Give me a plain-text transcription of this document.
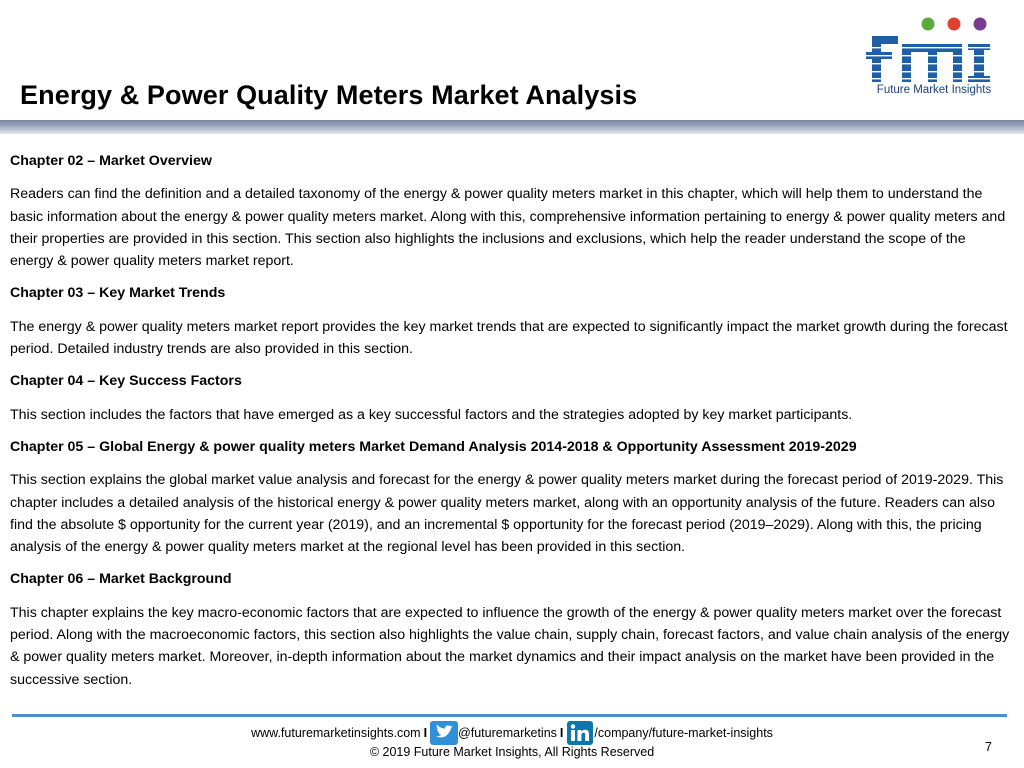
Energy & Power Quality Meters Market Analysis	Future Market Insights
Chapter 02 – Market Overview
Readers can find the definition and a detailed taxonomy of the energy & power quality meters market in this chapter, which will help them to understand the basic information about the energy & power quality meters market. Along with this, comprehensive information pertaining to energy & power quality meters and their properties are provided in this section. This section also highlights the inclusions and exclusions, which help the reader understand the scope of the energy & power quality meters market report.
Chapter 03 – Key Market Trends
The energy & power quality meters market report provides the key market trends that are expected to significantly impact the market growth during the forecast period. Detailed industry trends are also provided in this section.
Chapter 04 – Key Success Factors
This section includes the factors that have emerged as a key successful factors and the strategies adopted by key market participants.
Chapter 05 – Global Energy & power quality meters Market Demand Analysis 2014-2018 & Opportunity Assessment 2019-2029
This section explains the global market value analysis and forecast for the energy & power quality meters market during the forecast period of 2019-2029. This chapter includes a detailed analysis of the historical energy & power quality meters market, along with an opportunity analysis of the future. Readers can also find the absolute $ opportunity for the current year (2019), and an incremental $ opportunity for the forecast period (2019–2029). Along with this, the pricing analysis of the energy & power quality meters market at the regional level has been provided in this section.
Chapter 06 – Market Background
This chapter explains the key macro-economic factors that are expected to influence the growth of the energy & power quality meters market over the forecast period. Along with the macroeconomic factors, this section also highlights the value chain, supply chain, forecast factors, and value chain analysis of the energy & power quality meters market. Moreover, in-depth information about the market dynamics and their impact analysis on the market have been provided in the successive section.
www.futuremarketinsights.com I @futuremarketins I /company/future-market-insights
© 2019 Future Market Insights, All Rights Reserved	7
